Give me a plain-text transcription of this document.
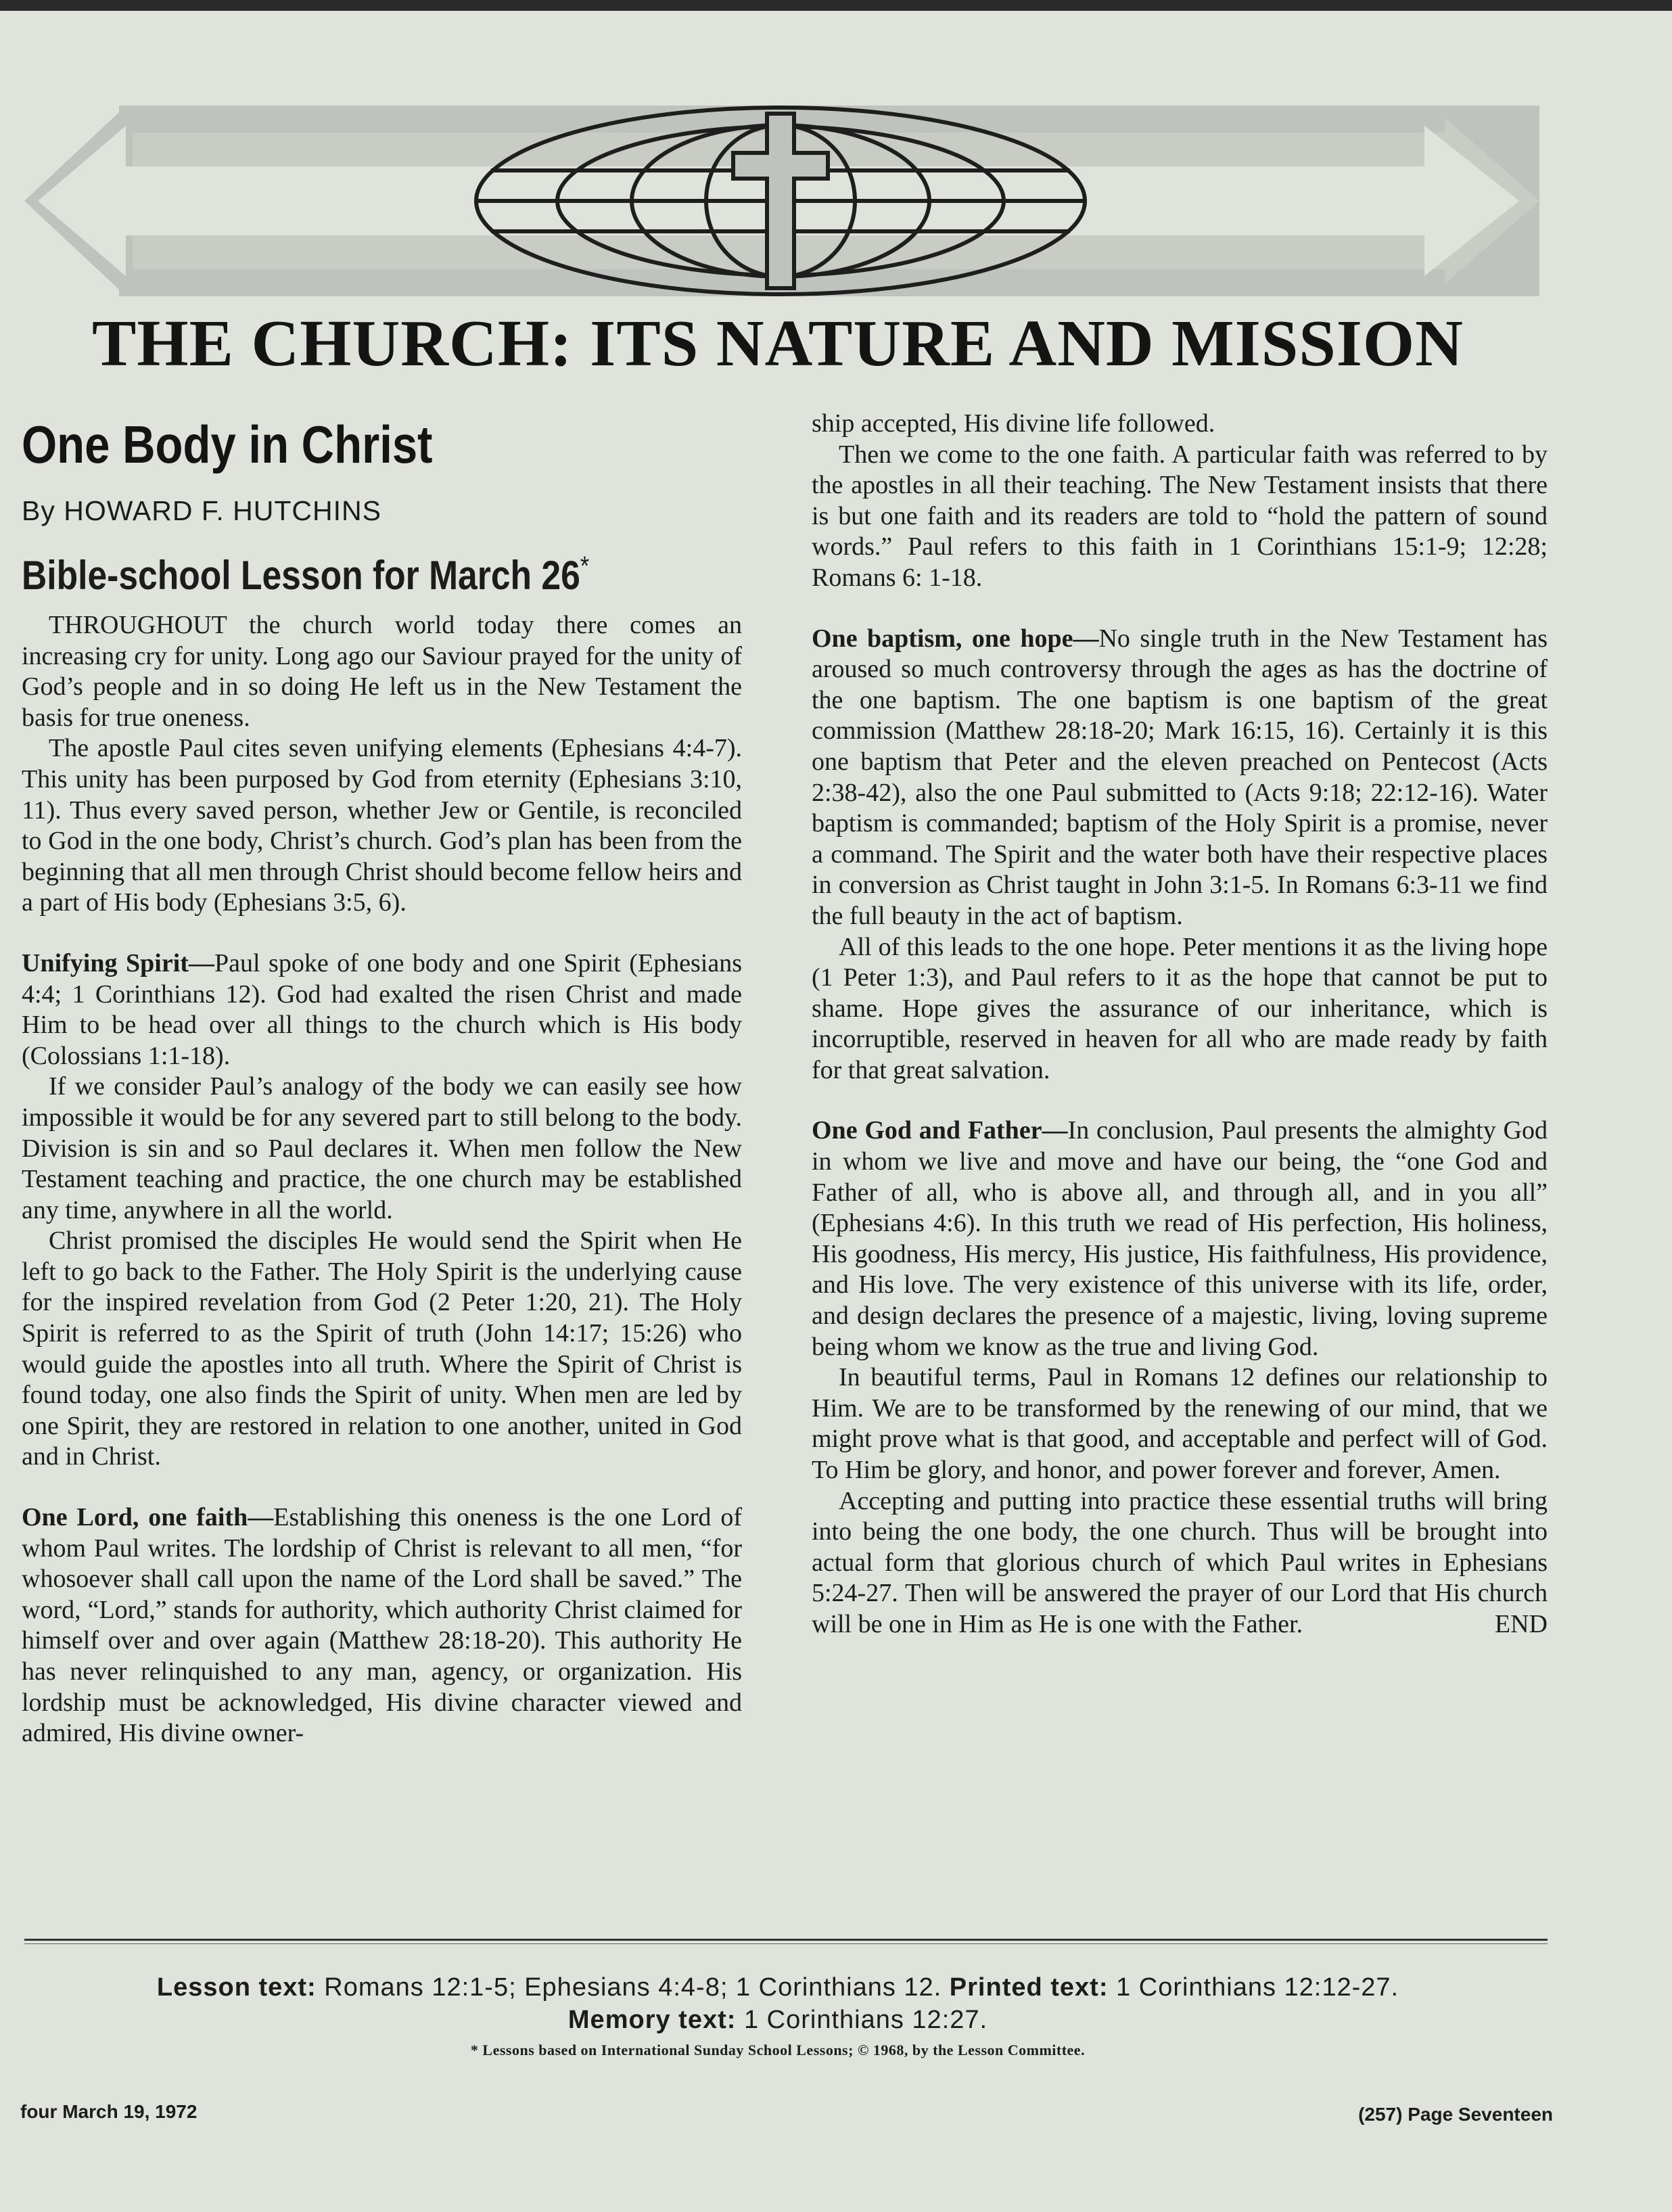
THE CHURCH: ITS NATURE AND MISSION
One Body in Christ
By HOWARD F. HUTCHINS
Bible-school Lesson for March 26*

THROUGHOUT the church world today there comes an increasing cry for unity. Long ago our Saviour prayed for the unity of God’s people and in so doing He left us in the New Testament the basis for true oneness.

The apostle Paul cites seven unifying elements (Ephesians 4:4-7). This unity has been purposed by God from eternity (Ephesians 3:10, 11). Thus every saved person, whether Jew or Gentile, is reconciled to God in the one body, Christ’s church. God’s plan has been from the beginning that all men through Christ should become fellow heirs and a part of His body (Ephesians 3:5, 6).

Unifying Spirit—Paul spoke of one body and one Spirit (Ephesians 4:4; 1 Corinthians 12). God had exalted the risen Christ and made Him to be head over all things to the church which is His body (Colossians 1:1-18).

If we consider Paul’s analogy of the body we can easily see how impossible it would be for any severed part to still belong to the body. Division is sin and so Paul declares it. When men follow the New Testament teaching and practice, the one church may be established any time, anywhere in all the world.

Christ promised the disciples He would send the Spirit when He left to go back to the Father. The Holy Spirit is the underlying cause for the inspired revelation from God (2 Peter 1:20, 21). The Holy Spirit is referred to as the Spirit of truth (John 14:17; 15:26) who would guide the apostles into all truth. Where the Spirit of Christ is found today, one also finds the Spirit of unity. When men are led by one Spirit, they are restored in relation to one another, united in God and in Christ.

One Lord, one faith—Establishing this oneness is the one Lord of whom Paul writes. The lordship of Christ is relevant to all men, “for whosoever shall call upon the name of the Lord shall be saved.” The word, “Lord,” stands for authority, which authority Christ claimed for himself over and over again (Matthew 28:18-20). This authority He has never relinquished to any man, agency, or organization. His lordship must be acknowledged, His divine character viewed and admired, His divine owner-

ship accepted, His divine life followed.

Then we come to the one faith. A particular faith was referred to by the apostles in all their teaching. The New Testament insists that there is but one faith and its readers are told to “hold the pattern of sound words.” Paul refers to this faith in 1 Corinthians 15:1-9; 12:28; Romans 6: 1-18.

One baptism, one hope—No single truth in the New Testament has aroused so much controversy through the ages as has the doctrine of the one baptism. The one baptism is one baptism of the great commission (Matthew 28:18-20; Mark 16:15, 16). Certainly it is this one baptism that Peter and the eleven preached on Pentecost (Acts 2:38-42), also the one Paul submitted to (Acts 9:18; 22:12-16). Water baptism is commanded; baptism of the Holy Spirit is a promise, never a command. The Spirit and the water both have their respective places in conversion as Christ taught in John 3:1-5. In Romans 6:3-11 we find the full beauty in the act of baptism.

All of this leads to the one hope. Peter mentions it as the living hope (1 Peter 1:3), and Paul refers to it as the hope that cannot be put to shame. Hope gives the assurance of our inheritance, which is incorruptible, reserved in heaven for all who are made ready by faith for that great salvation.

One God and Father—In conclusion, Paul presents the almighty God in whom we live and move and have our being, the “one God and Father of all, who is above all, and through all, and in you all” (Ephesians 4:6). In this truth we read of His perfection, His holiness, His goodness, His mercy, His justice, His faithfulness, His providence, and His love. The very existence of this universe with its life, order, and design declares the presence of a majestic, living, loving supreme being whom we know as the true and living God.

In beautiful terms, Paul in Romans 12 defines our relationship to Him. We are to be transformed by the renewing of our mind, that we might prove what is that good, and acceptable and perfect will of God. To Him be glory, and honor, and power forever and forever, Amen.

Accepting and putting into practice these essential truths will bring into being the one body, the one church. Thus will be brought into actual form that glorious church of which Paul writes in Ephesians 5:24-27. Then will be answered the prayer of our Lord that His church will be one in Him as He is one with the Father.	END

Lesson text: Romans 12:1-5; Ephesians 4:4-8; 1 Corinthians 12. Printed text: 1 Corinthians 12:12-27.
Memory text: 1 Corinthians 12:27.
* Lessons based on International Sunday School Lessons; © 1968, by the Lesson Committee.
four March 19, 1972	(257) Page Seventeen
